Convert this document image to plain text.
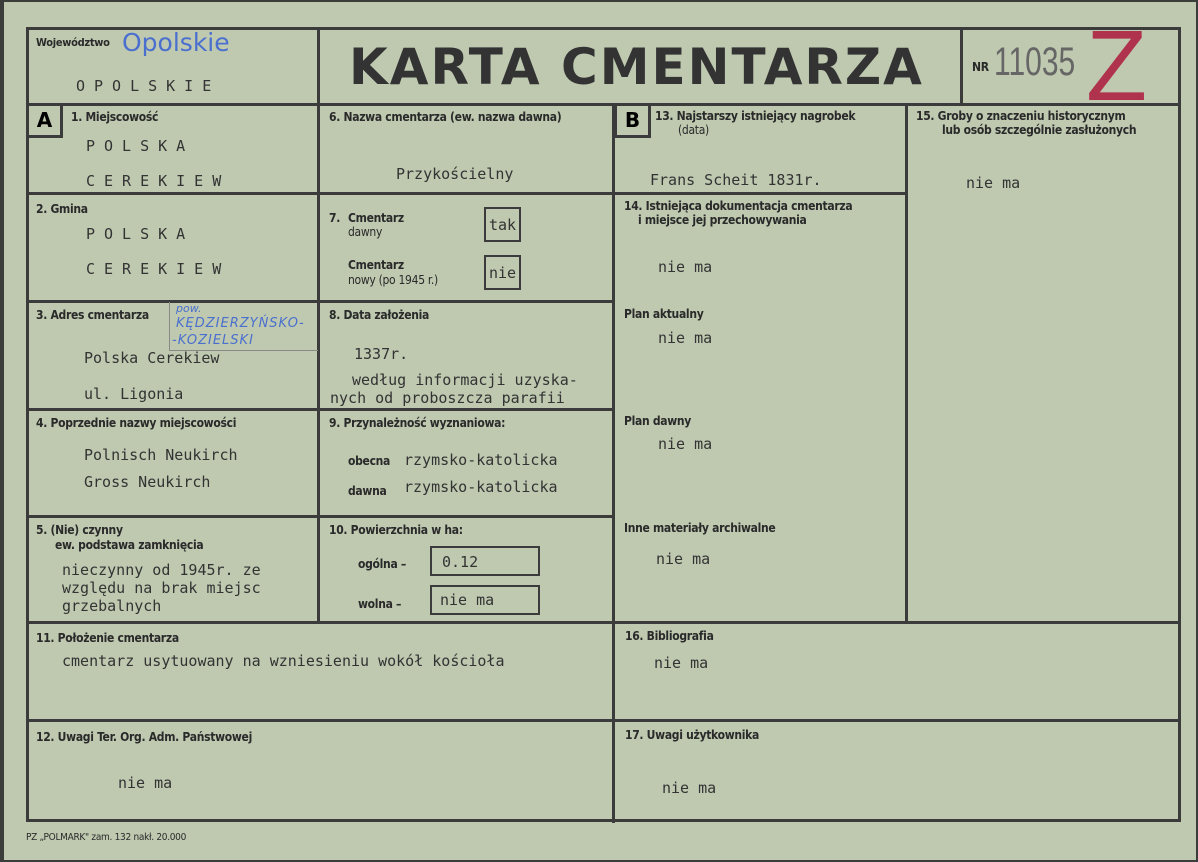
Województwo Opolskie
OPOLSKIE	KARTA CMENTARZA	NR 11035 Z
A	B
1. Miejscowość
POLSKA
CEREKIEW
2. Gmina
POLSKA
CEREKIEW
3. Adres cmentarza pow.
KĘDZIERZYŃSKO-
-KOZIELSKI
Polska Cerekiew
ul. Ligonia
4. Poprzednie nazwy miejscowości
Polnisch Neukirch
Gross Neukirch
5. (Nie) czynny
ew. podstawa zamknięcia
nieczynny od 1945r. ze
względu na brak miejsc
grzebalnych
6. Nazwa cmentarza (ew. nazwa dawna)
Przykościelny
7. Cmentarz
dawny	tak
Cmentarz
nowy (po 1945 r.)	nie
8. Data założenia
1337r.
według informacji uzyska-
nych od proboszcza parafii
9. Przynależność wyznaniowa:
obecna rzymsko-katolicka
dawna rzymsko-katolicka
10. Powierzchnia w ha:
ogólna –	0.12
wolna –	nie ma
13. Najstarszy istniejący nagrobek
(data)
Frans Scheit 1831r.
14. Istniejąca dokumentacja cmentarza
i miejsce jej przechowywania
nie ma
Plan aktualny
nie ma
Plan dawny
nie ma
Inne materiały archiwalne
nie ma
15. Groby o znaczeniu historycznym
lub osób szczególnie zasłużonych
nie ma
11. Położenie cmentarza
cmentarz usytuowany na wzniesieniu wokół kościoła
16. Bibliografia
nie ma
12. Uwagi Ter. Org. Adm. Państwowej
nie ma
17. Uwagi użytkownika
nie ma
PZ „POLMARK" zam. 132 nakł. 20.000
